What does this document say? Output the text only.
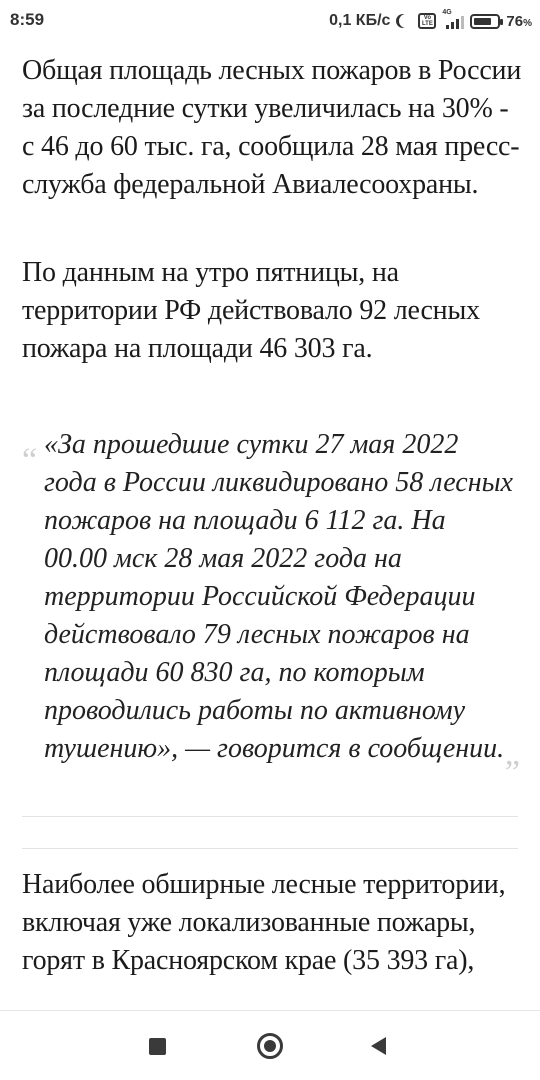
8:59	0,1 КБ/с	Vo
LTE
4G	76%

Общая площадь лесных пожаров в России за последние сутки увеличилась на 30% - с 46 до 60 тыс. га, сообщила 28 мая пресс-служба федеральной Авиалесоохраны.

По данным на утро пятницы, на территории РФ действовало 92 лесных пожара на площади 46 303 га.

“ «За прошедшие сутки 27 мая 2022 года в России ликвидировано 58 лесных пожаров на площади 6 112 га. На 00.00 мск 28 мая 2022 года на территории Российской Федерации действовало 79 лесных пожаров на площади 60 830 га, по которым проводились работы по активному тушению», — говорится в сообщении.

”

Наиболее обширные лесные территории, включая уже локализованные пожары, горят в Красноярском крае (35 393 га),
